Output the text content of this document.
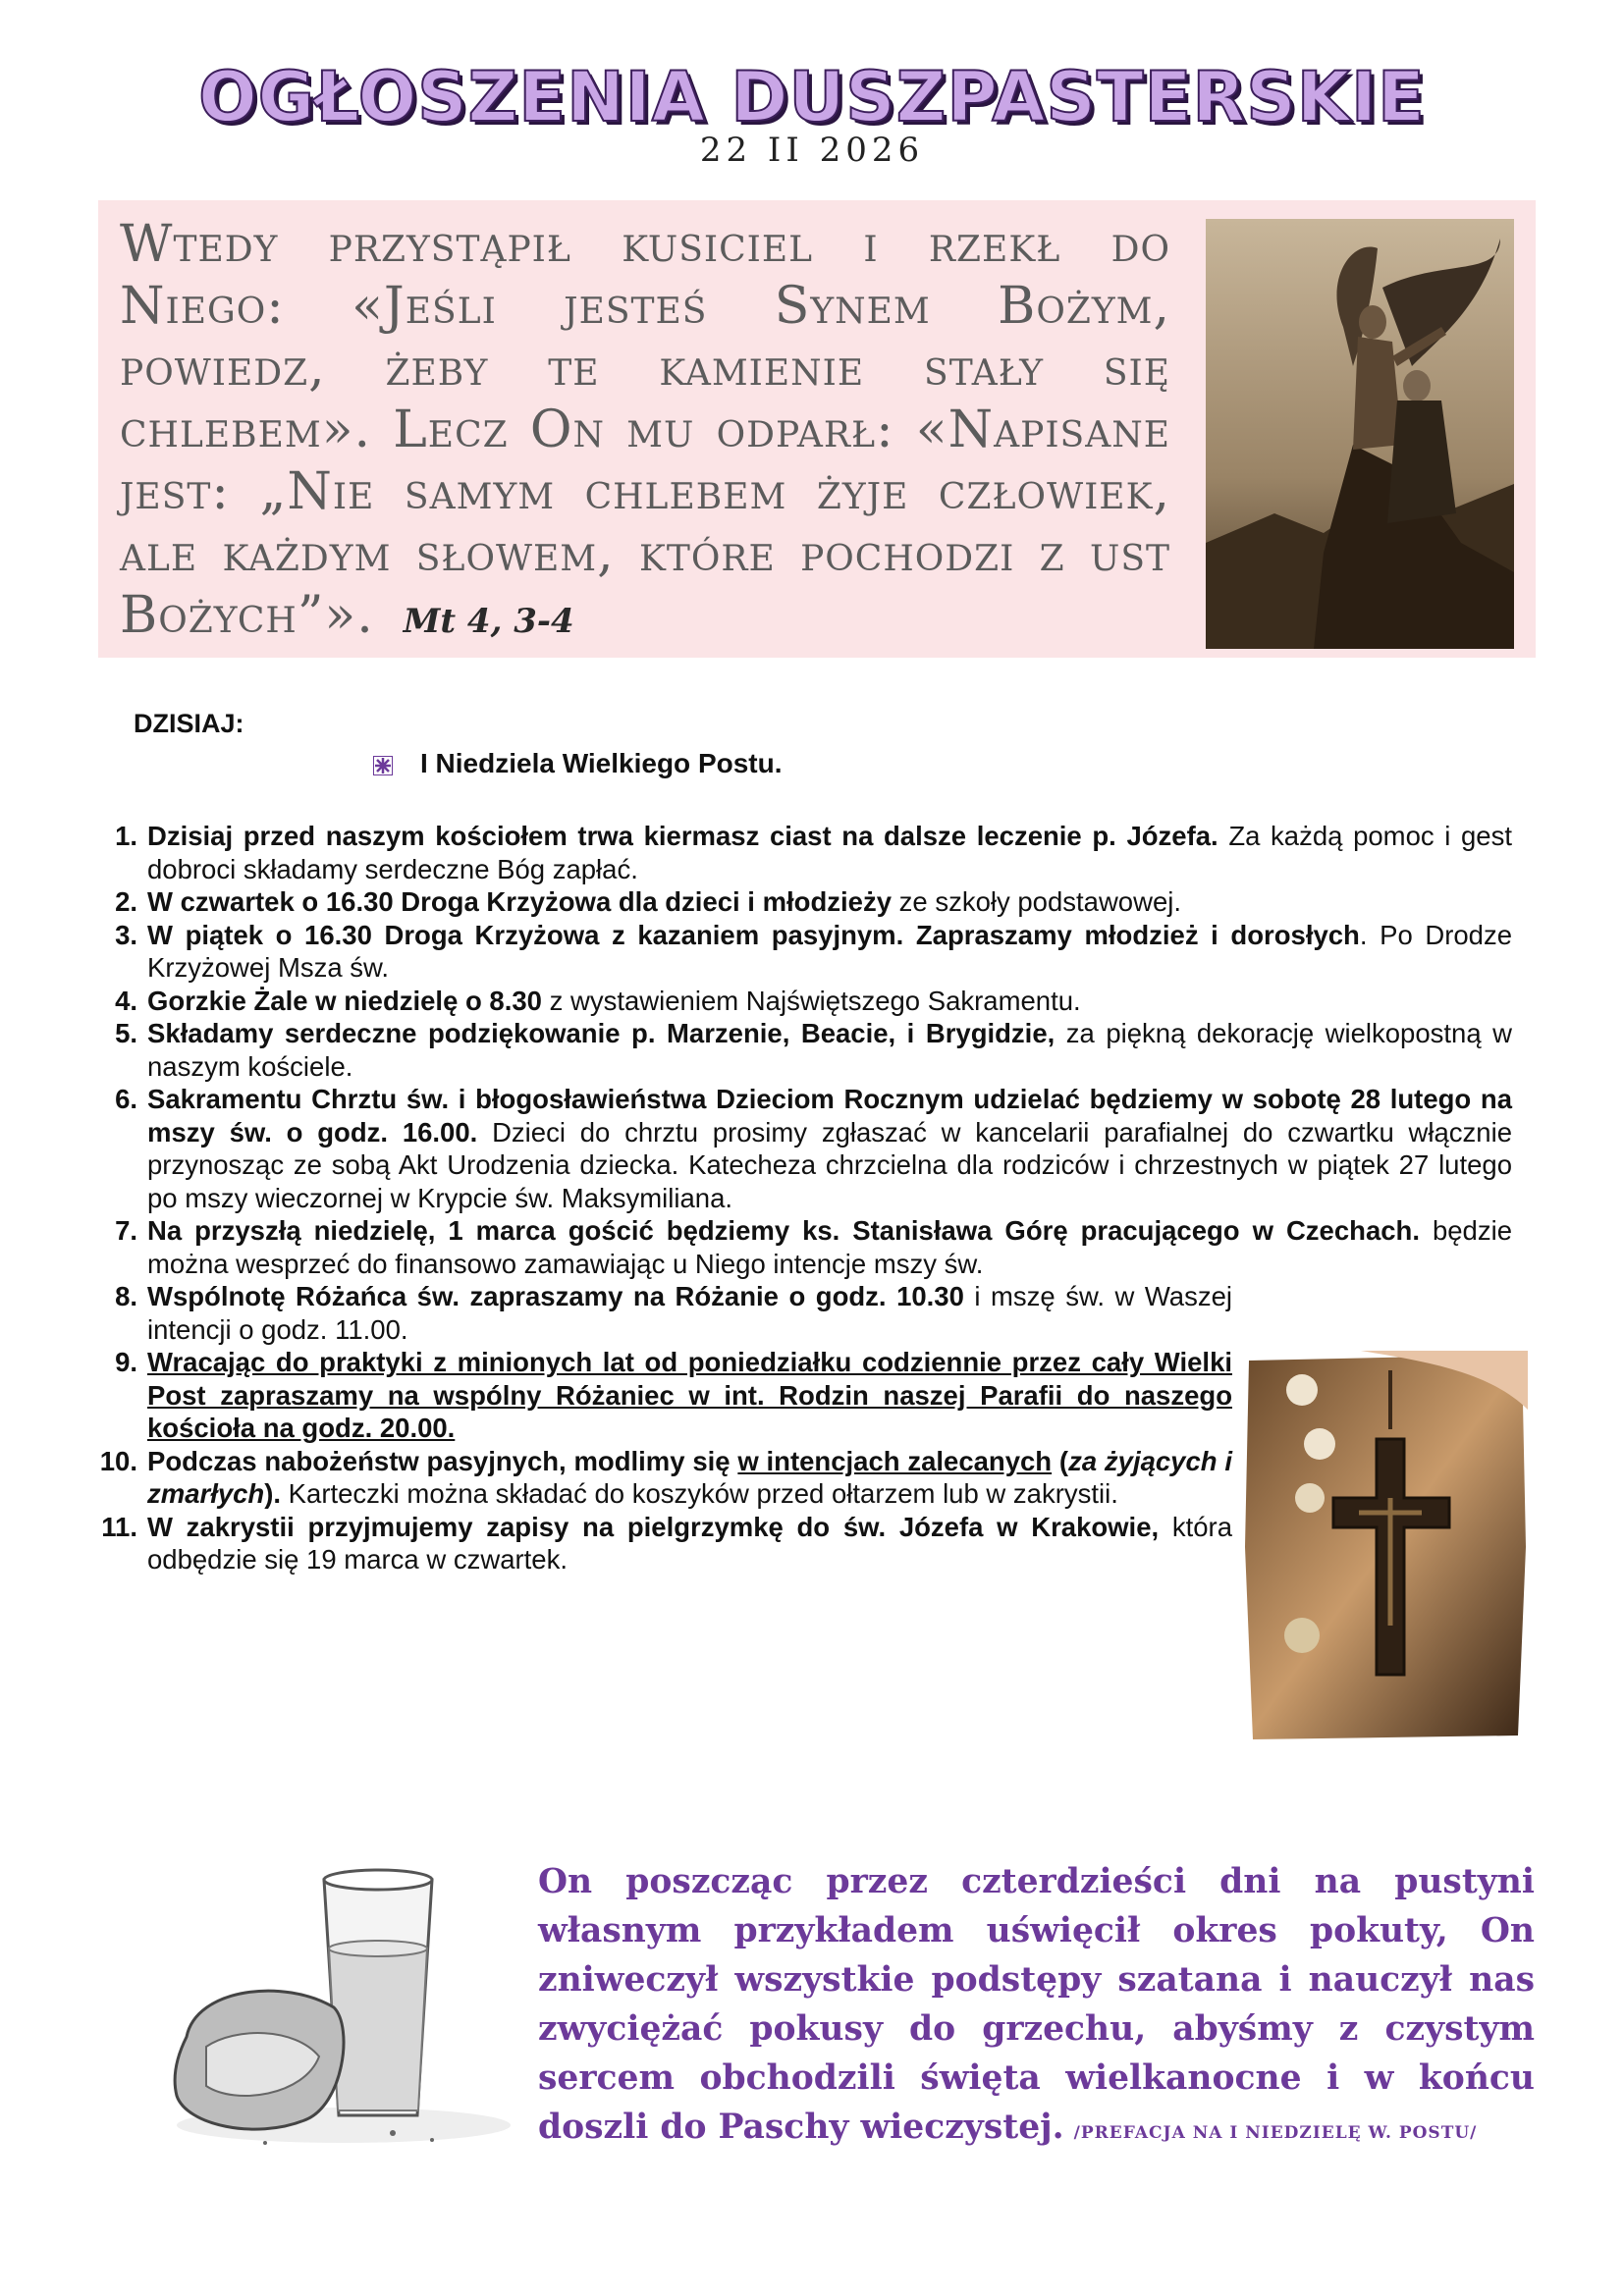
OGŁOSZENIA DUSZPASTERSKIE
22 II 2026
Wtedy przystąpił kusiciel i rzekł do Niego: «Jeśli jesteś Synem Bożym, powiedz, żeby te kamienie stały się chlebem». Lecz On mu odparł: «Napisane jest: „Nie samym chlebem żyje człowiek, ale każdym słowem, które pochodzi z ust Bożych”». Mt 4, 3-4
DZISIAJ:
I Niedziela Wielkiego Postu.
1. Dzisiaj przed naszym kościołem trwa kiermasz ciast na dalsze leczenie p. Józefa. Za każdą pomoc i gest dobroci składamy serdeczne Bóg zapłać.
2. W czwartek o 16.30 Droga Krzyżowa dla dzieci i młodzieży ze szkoły podstawowej.
3. W piątek o 16.30 Droga Krzyżowa z kazaniem pasyjnym. Zapraszamy młodzież i dorosłych. Po Drodze Krzyżowej Msza św.
4. Gorzkie Żale w niedzielę o 8.30 z wystawieniem Najświętszego Sakramentu.
5. Składamy serdeczne podziękowanie p. Marzenie, Beacie, i Brygidzie, za piękną dekorację wielkopostną w naszym kościele.
6. Sakramentu Chrztu św. i błogosławieństwa Dzieciom Rocznym udzielać będziemy w sobotę 28 lutego na mszy św. o godz. 16.00. Dzieci do chrztu prosimy zgłaszać w kancelarii parafialnej do czwartku włącznie przynosząc ze sobą Akt Urodzenia dziecka. Katecheza chrzcielna dla rodziców i chrzestnych w piątek 27 lutego po mszy wieczornej w Krypcie św. Maksymiliana.
7. Na przyszłą niedzielę, 1 marca gościć będziemy ks. Stanisława Górę pracującego w Czechach. będzie można wesprzeć do finansowo zamawiając u Niego intencje mszy św.
8. Wspólnotę Różańca św. zapraszamy na Różanie o godz. 10.30 i mszę św. w Waszej intencji o godz. 11.00.
9. Wracając do praktyki z minionych lat od poniedziałku codziennie przez cały Wielki Post zapraszamy na wspólny Różaniec w int. Rodzin naszej Parafii do naszego kościoła na godz. 20.00.
10. Podczas nabożeństw pasyjnych, modlimy się w intencjach zalecanych (za żyjących i zmarłych). Karteczki można składać do koszyków przed ołtarzem lub w zakrystii.
11. W zakrystii przyjmujemy zapisy na pielgrzymkę do św. Józefa w Krakowie, która odbędzie się 19 marca w czwartek.
On poszcząc przez czterdzieści dni na pustyni własnym przykładem uświęcił okres pokuty, On zniweczył wszystkie podstępy szatana i nauczył nas zwyciężać pokusy do grzechu, abyśmy z czystym sercem obchodzili święta wielkanocne i w końcu doszli do Paschy wieczystej. /PREFACJA NA I NIEDZIELĘ W. POSTU/
